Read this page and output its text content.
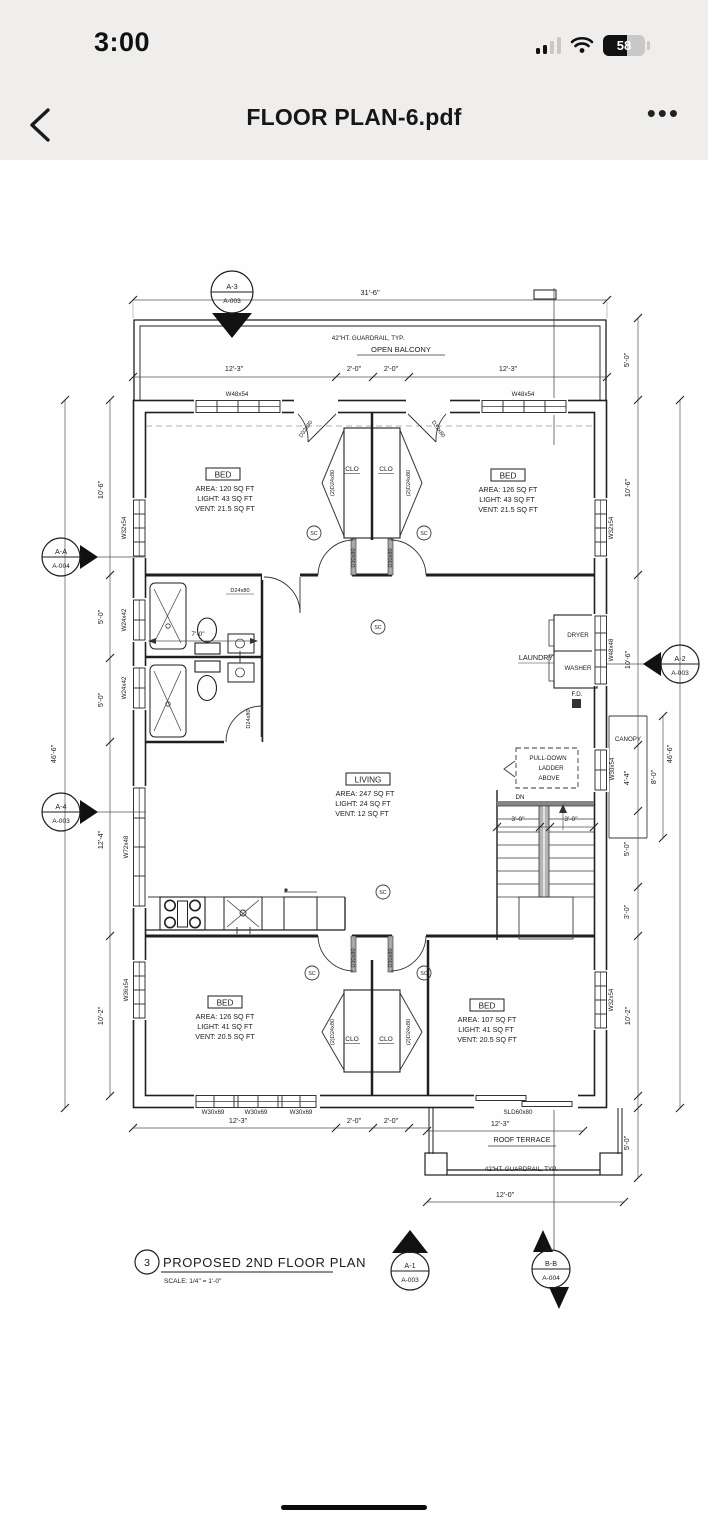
3:00	58
FLOOR PLAN-6.pdf	•••
SC	SC
SC
SC
SC	SC
BED
AREA: 120 SQ FT
LIGHT: 43 SQ FT
VENT: 21.5 SQ FT
BED
AREA: 126 SQ FT
LIGHT: 43 SQ FT
VENT: 21.5 SQ FT
LIVING
AREA: 247 SQ FT
LIGHT: 24 SQ FT
VENT: 12 SQ FT
BED
AREA: 126 SQ FT
LIGHT: 41 SQ FT
VENT: 20.5 SQ FT
BED
AREA: 107 SQ FT
LIGHT: 41 SQ FT
VENT: 20.5 SQ FT
CLO	CLO
CLO	CLO
LAUNDRY
DRYER
WASHER
F.D.
42"HT. GUARDRAIL, TYP.
OPEN BALCONY
ROOF TERRACE
42"HT. GUARDRAIL, TYP.
CANOPY
PULL-DOWN
LADDER
ABOVE
DN
W48x54	W48x54
W32x54
W24x42
W24x42
W72x48
W36x54
W32x54
W48x48
W30x54
W32x54
W30x69	W30x69	W30x69	SLD60x80
D32x80	D32x80
(2)D24x80	(2)D24x80
(2)D24x80	(2)D24x80
D30x80	D30x80
D30x80	D30x80
D24x80
D24x80
31'-6"
12'-3"	2'-0"	2'-0"	12'-3"
10'-6"
5'-0"
5'-0"
12'-4"
10'-2"
46'-6"
5'-0"
10'-6"
10'-6"
4'-4"
5'-0"
3'-0"
10'-2"
5'-0"
8'-0"
46'-6"
12'-3"	2'-0"	2'-0"	12'-3"
12'-0"
3'-0"	3'-0"
7'-0"
A-3
A-003
A-A
A-004
A-4
A-003
A-2
A-003
A-1
A-003
B-B
A-004
3 PROPOSED 2ND FLOOR PLAN
SCALE: 1/4" = 1'-0"
